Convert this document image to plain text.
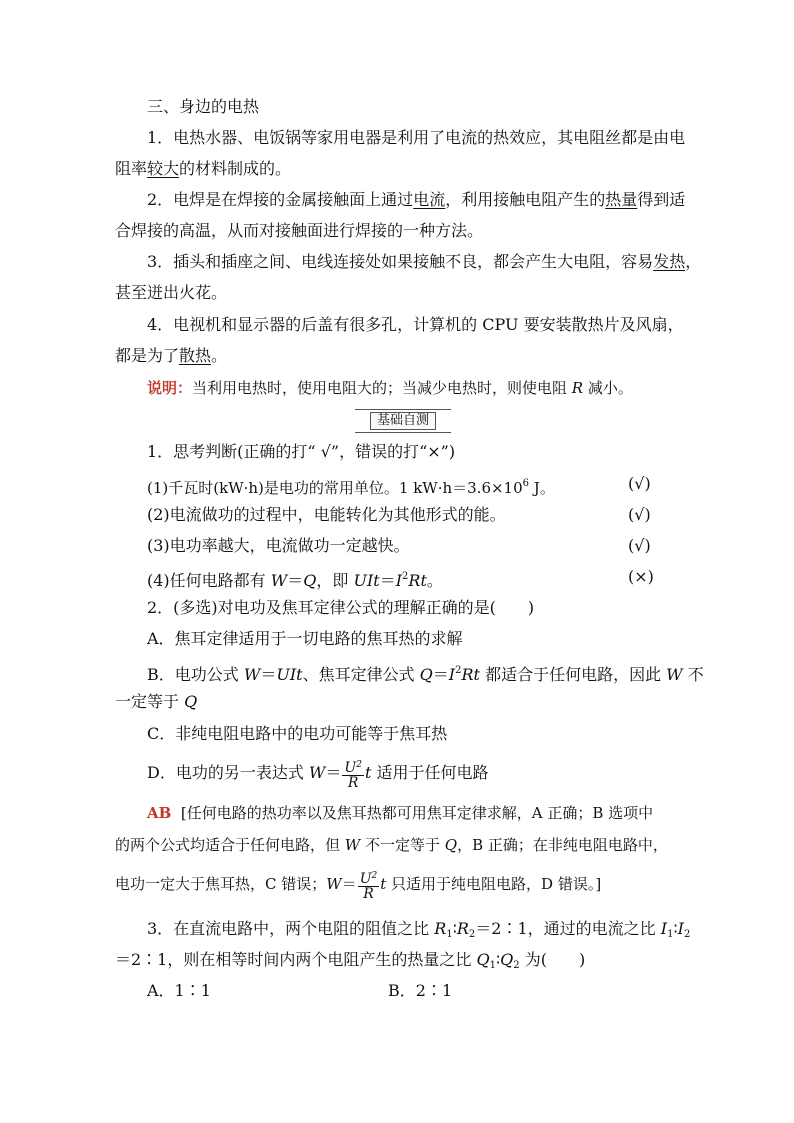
三、身边的电热
1．电热水器、电饭锅等家用电器是利用了电流的热效应，其电阻丝都是由电
阻率较大的材料制成的。
2．电焊是在焊接的金属接触面上通过电流，利用接触电阻产生的热量得到适
合焊接的高温，从而对接触面进行焊接的一种方法。
3．插头和插座之间、电线连接处如果接触不良，都会产生大电阻，容易发热，
甚至迸出火花。
4．电视机和显示器的后盖有很多孔，计算机的 CPU 要安装散热片及风扇，
都是为了散热。
说明：当利用电热时，使用电阻大的；当减少电热时，则使电阻 R 减小。
基础自测
1．思考判断(正确的打“ √”，错误的打“×”)
(1)千瓦时(kW·h)是电功的常用单位。1 $kW\cdot h=3.6\times 10^6$ J。	(√)
(2)电流做功的过程中，电能转化为其他形式的能。	(√)
(3)电功率越大，电流做功一定越快。	(√)
(4)任何电路都有 W＝Q，即 $UIt=I^2Rt$。	(×)
2．(多选)对电功及焦耳定律公式的理解正确的是(　　)
A．焦耳定律适用于一切电路的焦耳热的求解
B．电功公式 W＝UIt、焦耳定律公式 $Q=I^2Rt$ 都适合于任何电路，因此 W 不
一定等于 Q
C．非纯电阻电路中的电功可能等于焦耳热
D．电功的另一表达式 $W= \frac{U^2}{R}$ t 适用于任何电路
AB [任何电路的热功率以及焦耳热都可用焦耳定律求解，A 正确；B 选项中
的两个公式均适合于任何电路，但 W 不一定等于 Q，B 正确；在非纯电阻电路中，
电功一定大于焦耳热，C 错误；$W= \frac{U^2}{R}$ t 只适用于纯电阻电路，D 错误。]
3．在直流电路中，两个电阻的阻值之比 $R_1∶R_2=2∶1$，通过的电流之比 $I_1∶I_2$
＝2∶1，则在相等时间内两个电阻产生的热量之比 $Q_1∶Q_2$ 为(　　)
A．1∶1	B．2∶1
